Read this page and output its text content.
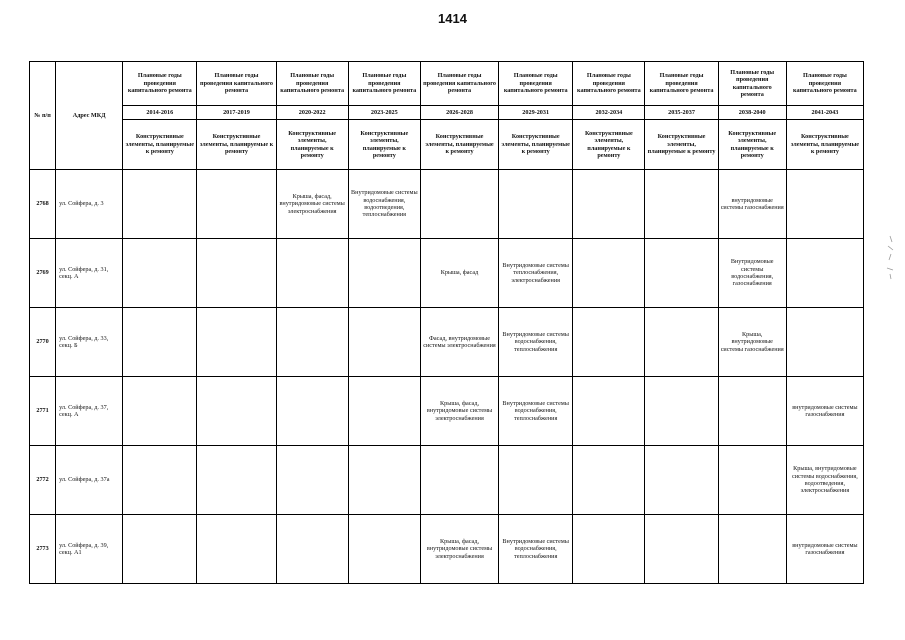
1414
№ п/п	Адрес МКД	Плановые годы проведения капитального ремонта	Плановые годы проведения капитального ремонта	Плановые годы проведения капитального ремонта	Плановые годы проведения капитального ремонта	Плановые годы проведения капитального ремонта	Плановые годы проведения капитального ремонта	Плановые годы проведения капитального ремонта	Плановые годы проведения капитального ремонта	Плановые годы проведения капитального ремонта	Плановые годы проведения капитального ремонта
		2014-2016	2017-2019	2020-2022	2023-2025	2026-2028	2029-2031	2032-2034	2035-2037	2038-2040	2041-2043
		Конструктивные элементы, планируемые к ремонту	Конструктивные элементы, планируемые к ремонту	Конструктивные элементы, планируемые к ремонту	Конструктивные элементы, планируемые к ремонту	Конструктивные элементы, планируемые к ремонту	Конструктивные элементы, планируемые к ремонту	Конструктивные элементы, планируемые к ремонту	Конструктивные элементы, планируемые к ремонту	Конструктивные элементы, планируемые к ремонту	Конструктивные элементы, планируемые к ремонту
2768	ул. Сойфера, д. 3			Крыша, фасад, внутридомовые системы электроснабжения	Внутридомовые системы водоснабжения, водоотведения, теплоснабжения					внутридомовые системы газоснабжения	
2769	ул. Сойфера, д. 31, секц. А					Крыша, фасад	Внутридомовые системы теплоснабжения, электроснабжения			Внутридомовые системы водоснабжения, газоснабжения	
2770	ул. Сойфера, д. 33, секц. Б					Фасад, внутридомовые системы электроснабжения	Внутридомовые системы водоснабжения, теплоснабжения			Крыша, внутридомовые системы газоснабжения	
2771	ул. Сойфера, д. 37, секц. А					Крыша, фасад, внутридомовые системы электроснабжения	Внутридомовые системы водоснабжения, теплоснабжения				внутридомовые системы газоснабжения
2772	ул. Сойфера, д. 37а										Крыша, внутридомовые системы водоснабжения, водоотведения, электроснабжения
2773	ул. Сойфера, д. 39, секц. А1					Крыша, фасад, внутридомовые системы электроснабжения	Внутридомовые системы водоснабжения, теплоснабжения				внутридомовые системы газоснабжения
